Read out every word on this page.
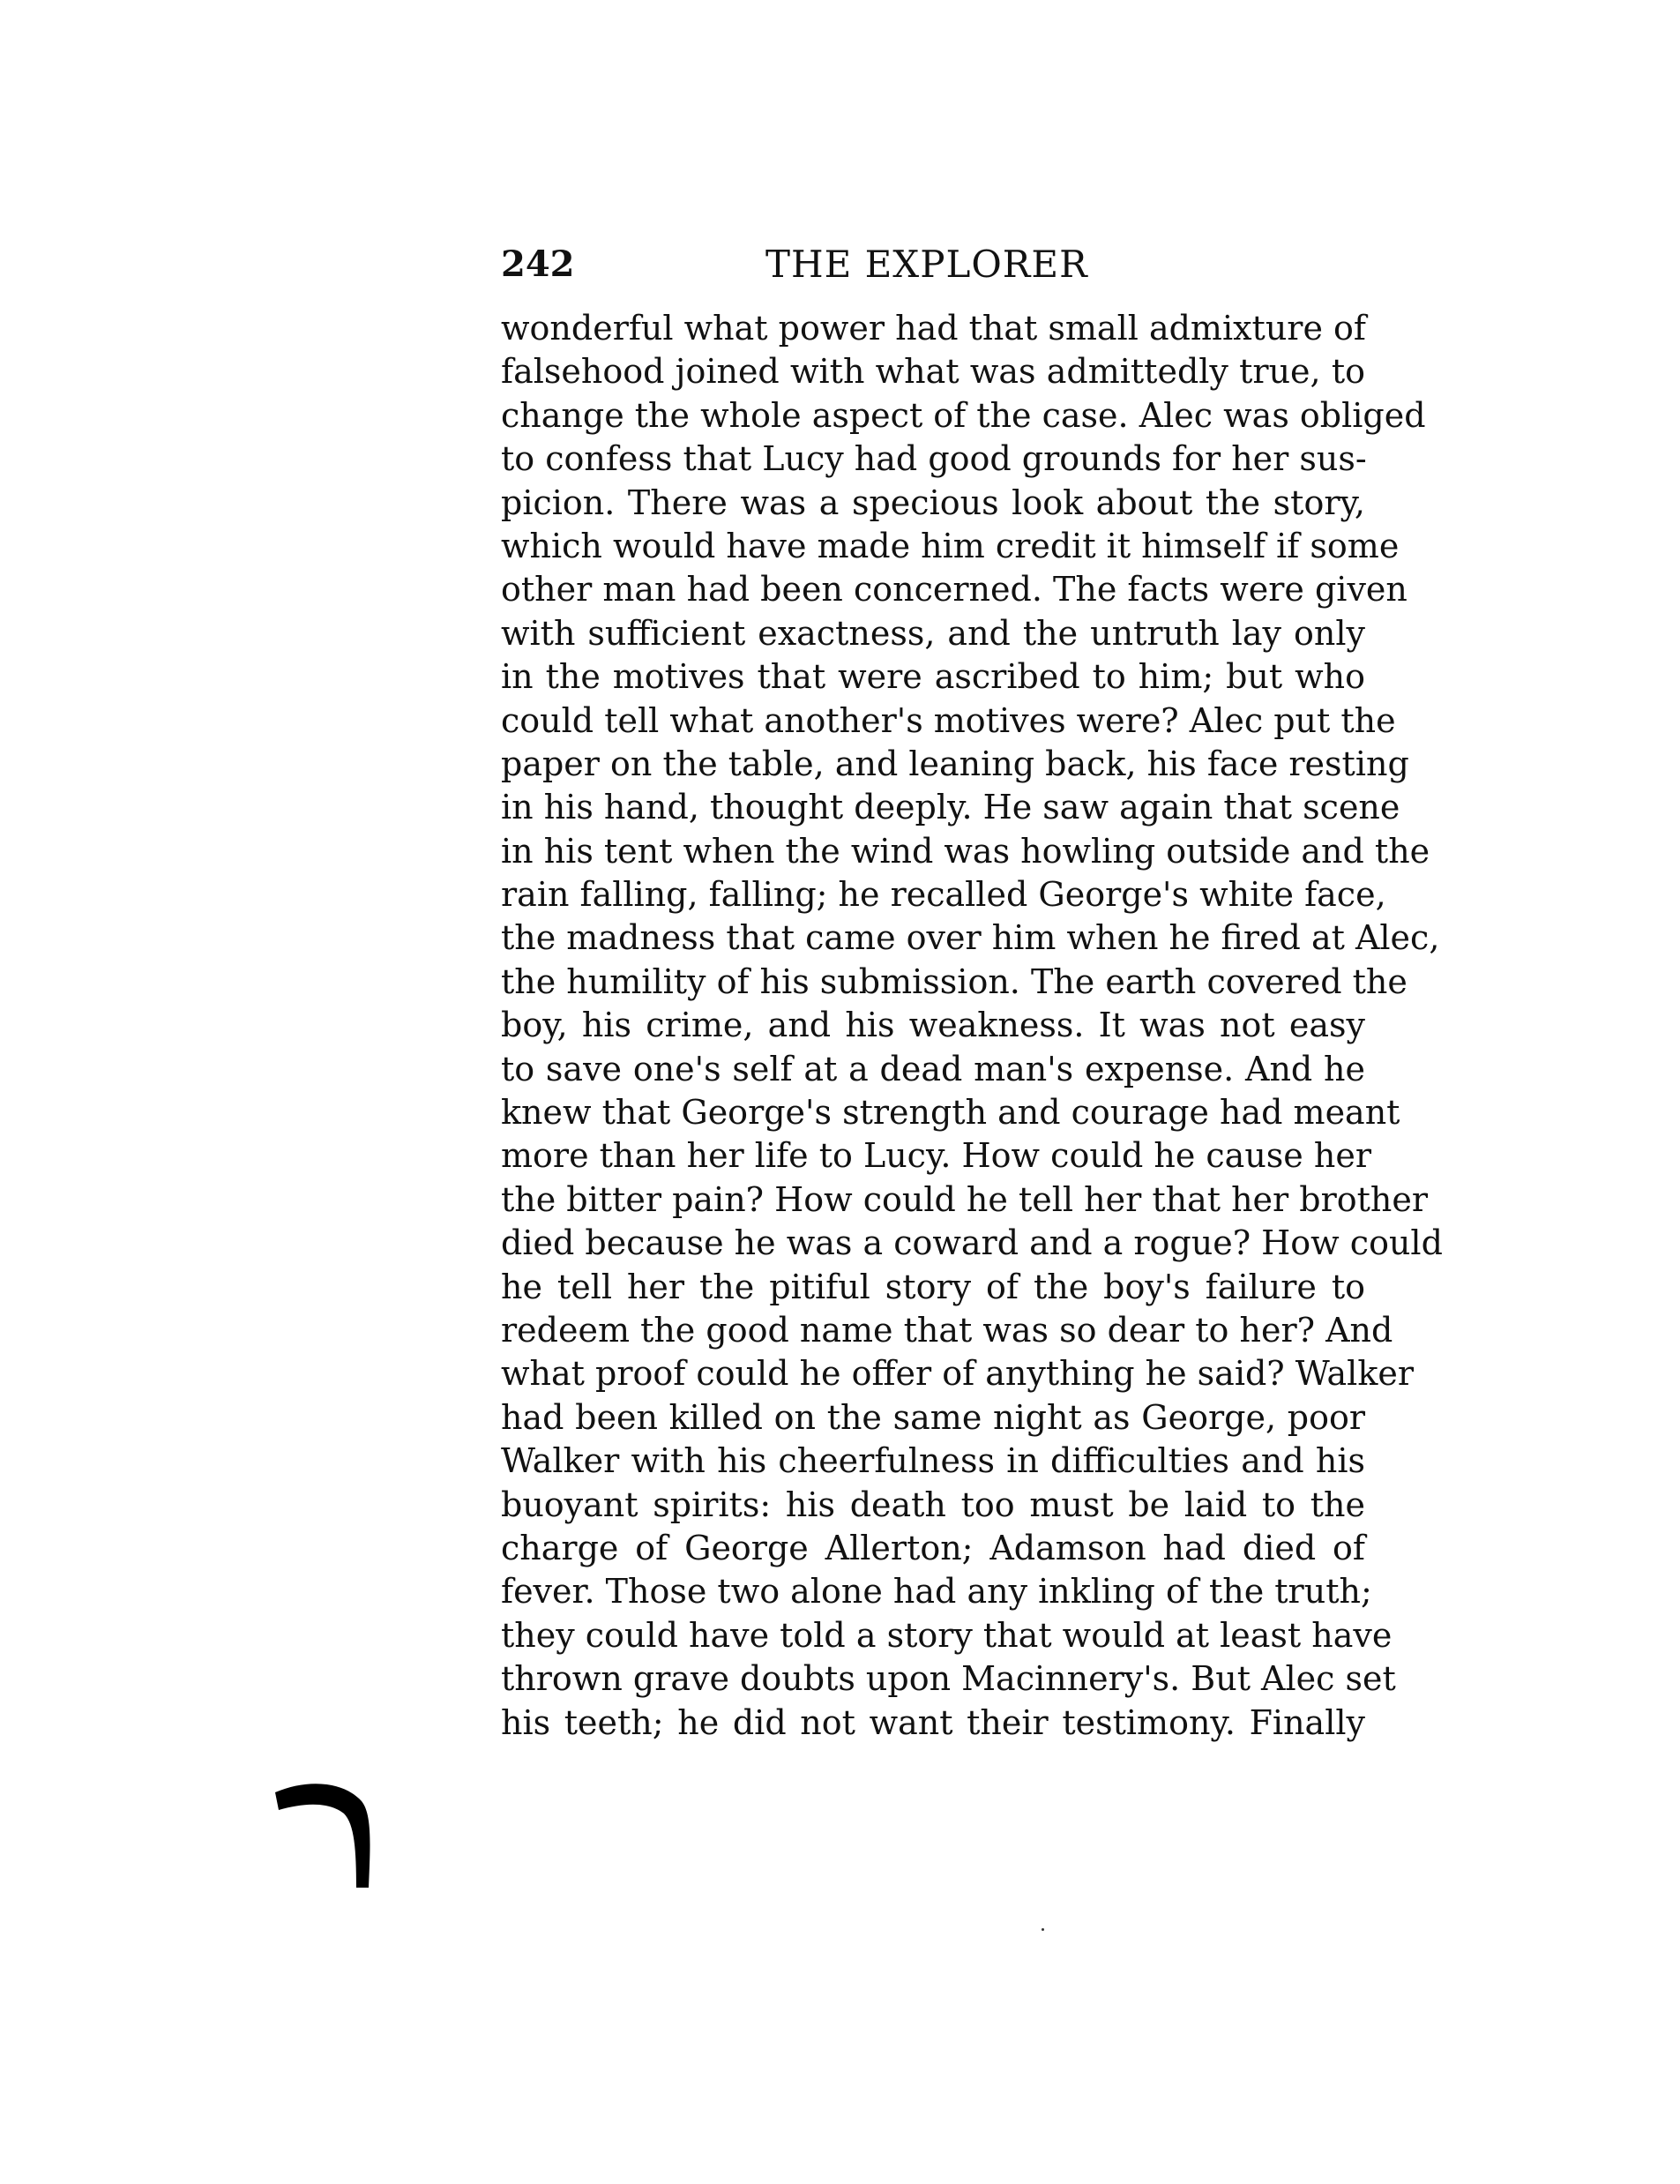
242	THE EXPLORER
wonderful what power had that small admixture of
falsehood joined with what was admittedly true, to
change the whole aspect of the case. Alec was obliged
to confess that Lucy had good grounds for her sus-
picion. There was a specious look about the story,
which would have made him credit it himself if some
other man had been concerned. The facts were given
with sufficient exactness, and the untruth lay only
in the motives that were ascribed to him; but who
could tell what another's motives were? Alec put the
paper on the table, and leaning back, his face resting
in his hand, thought deeply. He saw again that scene
in his tent when the wind was howling outside and the
rain falling, falling; he recalled George's white face,
the madness that came over him when he fired at Alec,
the humility of his submission. The earth covered the
boy, his crime, and his weakness. It was not easy
to save one's self at a dead man's expense. And he
knew that George's strength and courage had meant
more than her life to Lucy. How could he cause her
the bitter pain? How could he tell her that her brother
died because he was a coward and a rogue? How could
he tell her the pitiful story of the boy's failure to
redeem the good name that was so dear to her? And
what proof could he offer of anything he said? Walker
had been killed on the same night as George, poor
Walker with his cheerfulness in difficulties and his
buoyant spirits: his death too must be laid to the
charge of George Allerton; Adamson had died of
fever. Those two alone had any inkling of the truth;
they could have told a story that would at least have
thrown grave doubts upon Macinnery's. But Alec set
his teeth; he did not want their testimony. Finally
